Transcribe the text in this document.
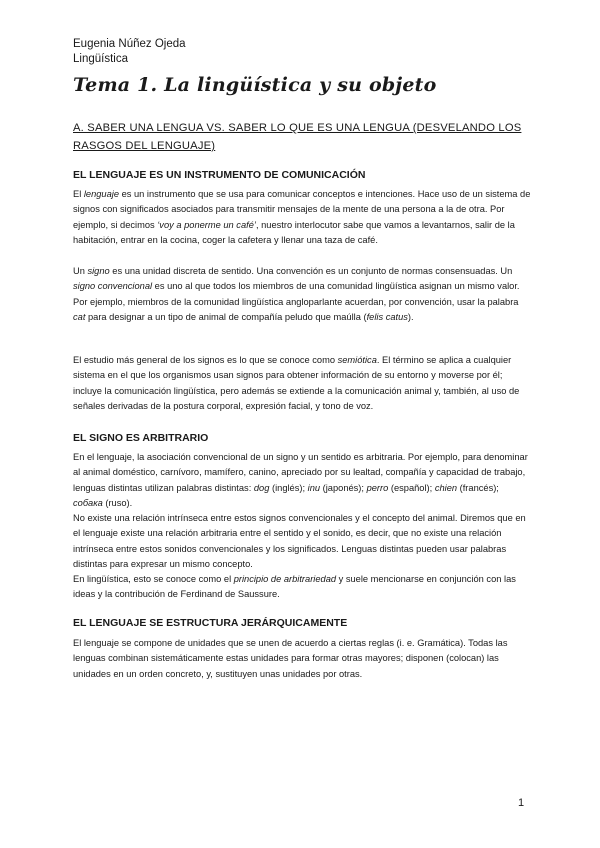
Eugenia Núñez Ojeda
Lingüística
Tema 1. La lingüística y su objeto
A. SABER UNA LENGUA VS. SABER LO QUE ES UNA LENGUA (DESVELANDO LOS RASGOS DEL LENGUAJE)
EL LENGUAJE ES UN INSTRUMENTO DE COMUNICACIÓN
El lenguaje es un instrumento que se usa para comunicar conceptos e intenciones. Hace uso de un sistema de signos con significados asociados para transmitir mensajes de la mente de una persona a la de otra. Por ejemplo, si decimos ‘voy a ponerme un café’, nuestro interlocutor sabe que vamos a levantarnos, salir de la habitación, entrar en la cocina, coger la cafetera y llenar una taza de café.
Un signo es una unidad discreta de sentido. Una convención es un conjunto de normas consensuadas. Un signo convencional es uno al que todos los miembros de una comunidad lingüística asignan un mismo valor. Por ejemplo, miembros de la comunidad lingüística angloparlante acuerdan, por convención, usar la palabra cat para designar a un tipo de animal de compañía peludo que maúlla (felis catus).
El estudio más general de los signos es lo que se conoce como semiótica. El término se aplica a cualquier sistema en el que los organismos usan signos para obtener información de su entorno y moverse por él; incluye la comunicación lingüística, pero además se extiende a la comunicación animal y, también, al uso de señales derivadas de la postura corporal, expresión facial, y tono de voz.
EL SIGNO ES ARBITRARIO
En el lenguaje, la asociación convencional de un signo y un sentido es arbitraria. Por ejemplo, para denominar al animal doméstico, carnívoro, mamífero, canino, apreciado por su lealtad, compañía y capacidad de trabajo, lenguas distintas utilizan palabras distintas: dog (inglés); inu (japonés); perro (español); chien (francés); собака (ruso).
No existe una relación intrínseca entre estos signos convencionales y el concepto del animal. Diremos que en el lenguaje existe una relación arbitraria entre el sentido y el sonido, es decir, que no existe una relación intrínseca entre estos sonidos convencionales y los significados. Lenguas distintas pueden usar palabras distintas para expresar un mismo concepto.
En lingüística, esto se conoce como el principio de arbitrariedad y suele mencionarse en conjunción con las ideas y la contribución de Ferdinand de Saussure.
EL LENGUAJE SE ESTRUCTURA JERÁRQUICAMENTE
El lenguaje se compone de unidades que se unen de acuerdo a ciertas reglas (i. e. Gramática). Todas las lenguas combinan sistemáticamente estas unidades para formar otras mayores; disponen (colocan) las unidades en un orden concreto, y, sustituyen unas unidades por otras.
1
